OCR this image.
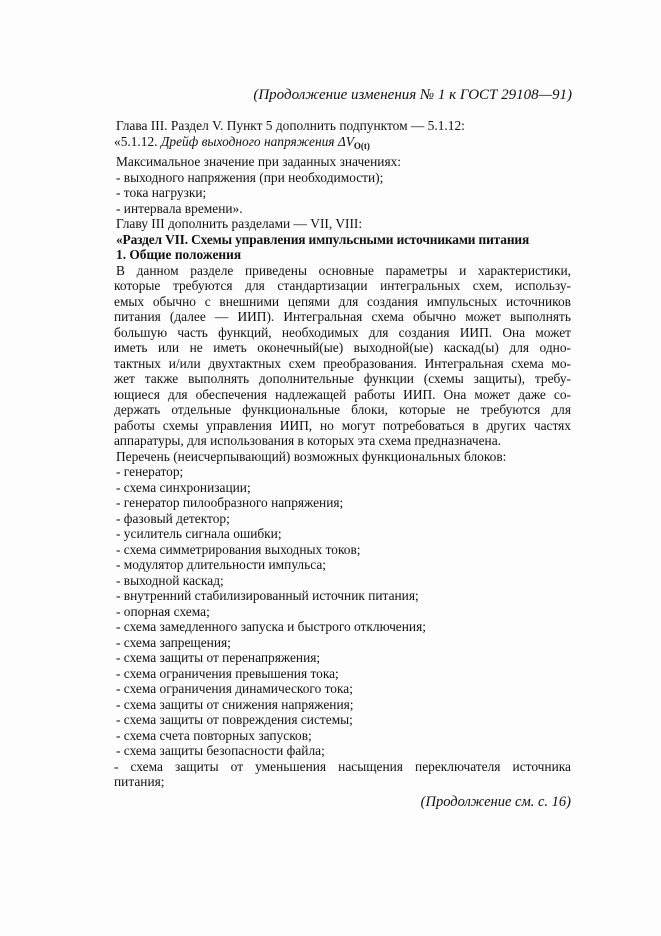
(Продолжение изменения № 1 к ГОСТ 29108—91)

Глава III. Раздел V. Пункт 5 дополнить подпунктом — 5.1.12:

«5.1.12. Дрейф выходного напряжения $\Delta V_{O(t)}$

Максимальное значение при заданных значениях:

- выходного напряжения (при необходимости);

- тока нагрузки;

- интервала времени».

Главу III дополнить разделами — VII, VIII:

«Раздел VII. Схемы управления импульсными источниками питания

1. Общие положения

В данном разделе приведены основные параметры и характеристики,

которые требуются для стандартизации интегральных схем, использу-

емых обычно с внешними цепями для создания импульсных источников

питания (далее — ИИП). Интегральная схема обычно может выполнять

большую часть функций, необходимых для создания ИИП. Она может

иметь или не иметь оконечный(ые) выходной(ые) каскад(ы) для одно-

тактных и/или двухтактных схем преобразования. Интегральная схема мо-

жет также выполнять дополнительные функции (схемы защиты), требу-

ющиеся для обеспечения надлежащей работы ИИП. Она может даже со-

держать отдельные функциональные блоки, которые не требуются для

работы схемы управления ИИП, но могут потребоваться в других частях

аппаратуры, для использования в которых эта схема предназначена.

Перечень (неисчерпывающий) возможных функциональных блоков:

- генератор;

- схема синхронизации;

- генератор пилообразного напряжения;

- фазовый детектор;

- усилитель сигнала ошибки;

- схема симметрирования выходных токов;

- модулятор длительности импульса;

- выходной каскад;

- внутренний стабилизированный источник питания;

- опорная схема;

- схема замедленного запуска и быстрого отключения;

- схема запрещения;

- схема защиты от перенапряжения;

- схема ограничения превышения тока;

- схема ограничения динамического тока;

- схема защиты от снижения напряжения;

- схема защиты от повреждения системы;

- схема счета повторных запусков;

- схема защиты безопасности файла;

- схема защиты от уменьшения насыщения переключателя источника

питания;

(Продолжение см. с. 16)
